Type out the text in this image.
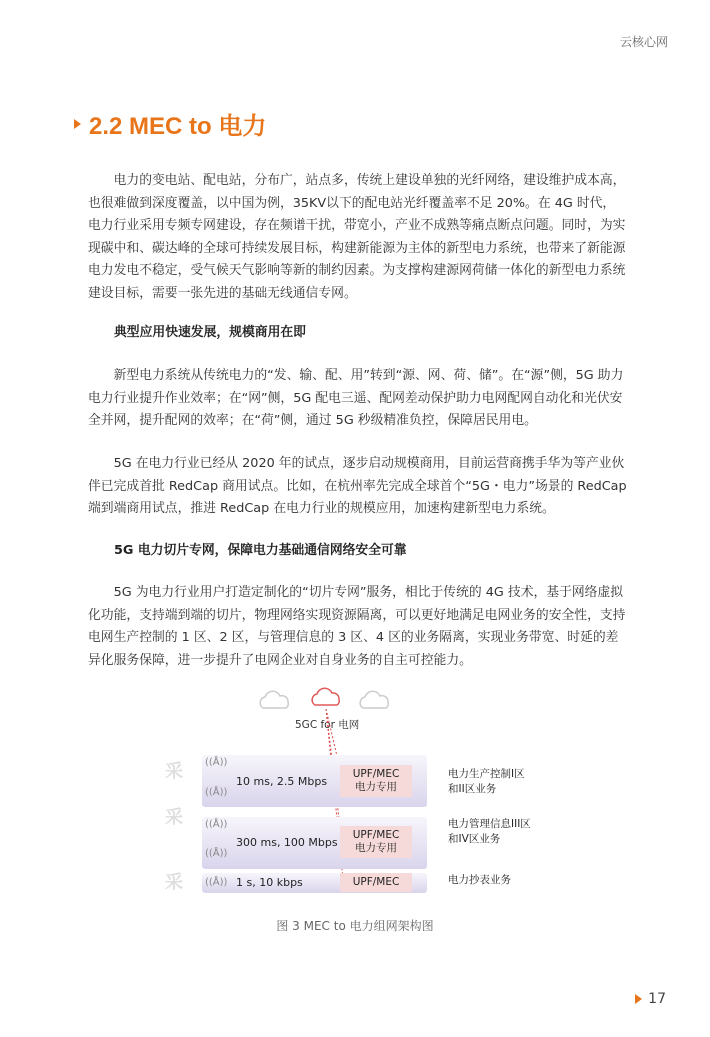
云核心网
2.2 MEC to 电力

电力的变电站、配电站，分布广，站点多，传统上建设单独的光纤网络，建设维护成本高，也很难做到深度覆盖，以中国为例，35KV以下的配电站光纤覆盖率不足 20%。在 4G 时代，电力行业采用专频专网建设，存在频谱干扰，带宽小，产业不成熟等痛点断点问题。同时，为实现碳中和、碳达峰的全球可持续发展目标，构建新能源为主体的新型电力系统，也带来了新能源电力发电不稳定，受气候天气影响等新的制约因素。为支撑构建源网荷储一体化的新型电力系统建设目标，需要一张先进的基础无线通信专网。

典型应用快速发展，规模商用在即

新型电力系统从传统电力的“发、输、配、用”转到“源、网、荷、储”。在“源”侧，5G 助力电力行业提升作业效率；在“网”侧，5G 配电三遥、配网差动保护助力电网配网自动化和光伏安全并网，提升配网的效率；在“荷”侧，通过 5G 秒级精准负控，保障居民用电。

5G 在电力行业已经从 2020 年的试点，逐步启动规模商用，目前运营商携手华为等产业伙伴已完成首批 RedCap 商用试点。比如，在杭州率先完成全球首个“5G・电力”场景的 RedCap 端到端商用试点，推进 RedCap 在电力行业的规模应用，加速构建新型电力系统。

5G 电力切片专网，保障电力基础通信网络安全可靠

5G 为电力行业用户打造定制化的“切片专网”服务，相比于传统的 4G 技术，基于网络虚拟化功能，支持端到端的切片，物理网络实现资源隔离，可以更好地满足电网业务的安全性，支持电网生产控制的 1 区、2 区，与管理信息的 3 区、4 区的业务隔离，实现业务带宽、时延的差异化服务保障，进一步提升了电网企业对自身业务的自主可控能力。

5GC for 电网
((Å))
((Å))
((Å))
((Å))
((Å))
采
采
采
10 ms, 2.5 Mbps
300 ms, 100 Mbps
1 s, 10 kbps
UPF/MEC
电力专用
UPF/MEC
电力专用
UPF/MEC
电力生产控制I区
和II区业务
电力管理信息III区
和IV区业务
电力抄表业务
图 3 MEC to 电力组网架构图
17
